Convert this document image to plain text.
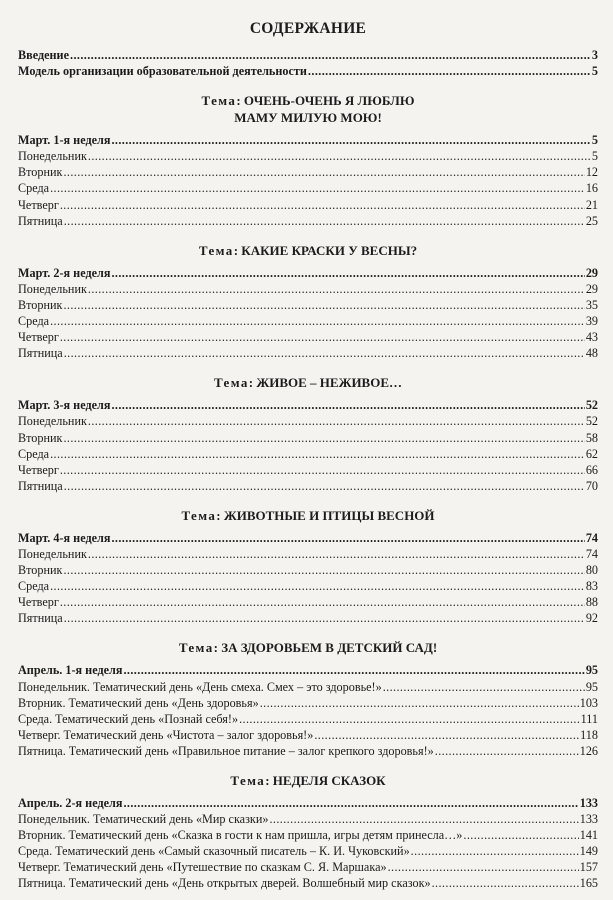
СОДЕРЖАНИЕ
Введение .....	3
Модель организации образовательной деятельности .....	5
Тема: ОЧЕНЬ-ОЧЕНЬ Я ЛЮБЛЮ
МАМУ МИЛУЮ МОЮ!
Март. 1-я неделя .....	5
Понедельник .....	5
Вторник .....	12
Среда .....	16
Четверг .....	21
Пятница .....	25
Тема: КАКИЕ КРАСКИ У ВЕСНЫ?
Март. 2-я неделя .....	29
Понедельник .....	29
Вторник .....	35
Среда .....	39
Четверг .....	43
Пятница .....	48
Тема: ЖИВОЕ – НЕЖИВОЕ…
Март. 3-я неделя .....	52
Понедельник .....	52
Вторник .....	58
Среда .....	62
Четверг .....	66
Пятница .....	70
Тема: ЖИВОТНЫЕ И ПТИЦЫ ВЕСНОЙ
Март. 4-я неделя .....	74
Понедельник .....	74
Вторник .....	80
Среда .....	83
Четверг .....	88
Пятница .....	92
Тема: ЗА ЗДОРОВЬЕМ В ДЕТСКИЙ САД!
Апрель. 1-я неделя .....	95
Понедельник. Тематический день «День смеха. Смех – это здоровье!» .....	95
Вторник. Тематический день «День здоровья» .....	103
Среда. Тематический день «Познай себя!» .....	111
Четверг. Тематический день «Чистота – залог здоровья!» .....	118
Пятница. Тематический день «Правильное питание – залог крепкого здоровья!» .....	126
Тема: НЕДЕЛЯ СКАЗОК
Апрель. 2-я неделя .....	133
Понедельник. Тематический день «Мир сказки» .....	133
Вторник. Тематический день «Сказка в гости к нам пришла, игры детям принесла…» .....	141
Среда. Тематический день «Самый сказочный писатель – К. И. Чуковский» .....	149
Четверг. Тематический день «Путешествие по сказкам С. Я. Маршака» .....	157
Пятница. Тематический день «День открытых дверей. Волшебный мир сказок» .....	165
